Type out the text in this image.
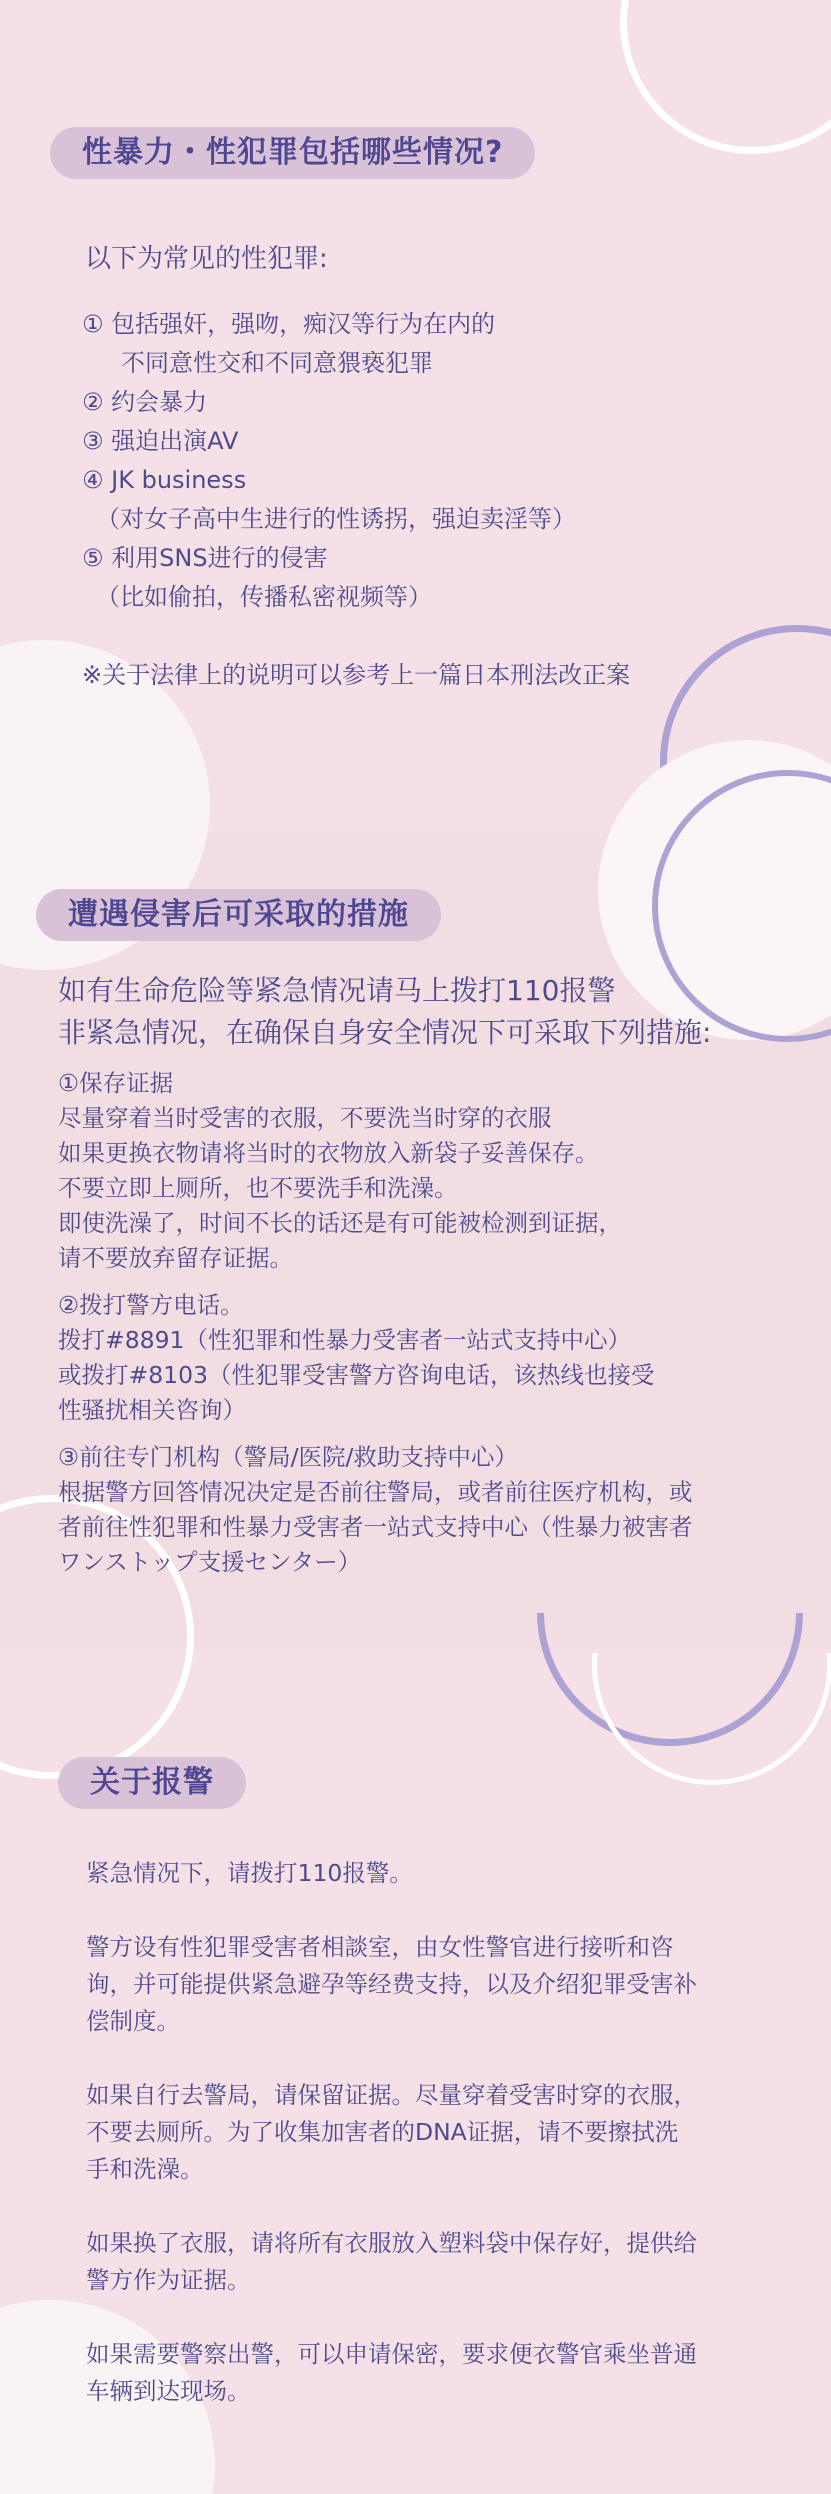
性暴力・性犯罪包括哪些情况?
以下为常见的性犯罪:
① 包括强奸，强吻，痴汉等行为在内的
不同意性交和不同意猥亵犯罪
② 约会暴力
③ 强迫出演AV
④ JK business
（对女子高中生进行的性诱拐，强迫卖淫等）
⑤ 利用SNS进行的侵害
（比如偷拍，传播私密视频等）
※关于法律上的说明可以参考上一篇日本刑法改正案
遭遇侵害后可采取的措施
如有生命危险等紧急情况请马上拨打110报警
非紧急情况，在确保自身安全情况下可采取下列措施:
①保存证据
尽量穿着当时受害的衣服，不要洗当时穿的衣服
如果更换衣物请将当时的衣物放入新袋子妥善保存。
不要立即上厕所，也不要洗手和洗澡。
即使洗澡了，时间不长的话还是有可能被检测到证据，
请不要放弃留存证据。
②拨打警方电话。
拨打#8891（性犯罪和性暴力受害者一站式支持中心）
或拨打#8103（性犯罪受害警方咨询电话，该热线也接受
性骚扰相关咨询）
③前往专门机构（警局/医院/救助支持中心）
根据警方回答情况决定是否前往警局，或者前往医疗机构，或
者前往性犯罪和性暴力受害者一站式支持中心（性暴力被害者
ワンストップ支援センター）
关于报警
紧急情况下，请拨打110报警。
警方设有性犯罪受害者相談室，由女性警官进行接听和咨
询，并可能提供紧急避孕等经费支持，以及介绍犯罪受害补
偿制度。
如果自行去警局，请保留证据。尽量穿着受害时穿的衣服，
不要去厕所。为了收集加害者的DNA证据，请不要擦拭洗
手和洗澡。
如果换了衣服，请将所有衣服放入塑料袋中保存好，提供给
警方作为证据。
如果需要警察出警，可以申请保密，要求便衣警官乘坐普通
车辆到达现场。
